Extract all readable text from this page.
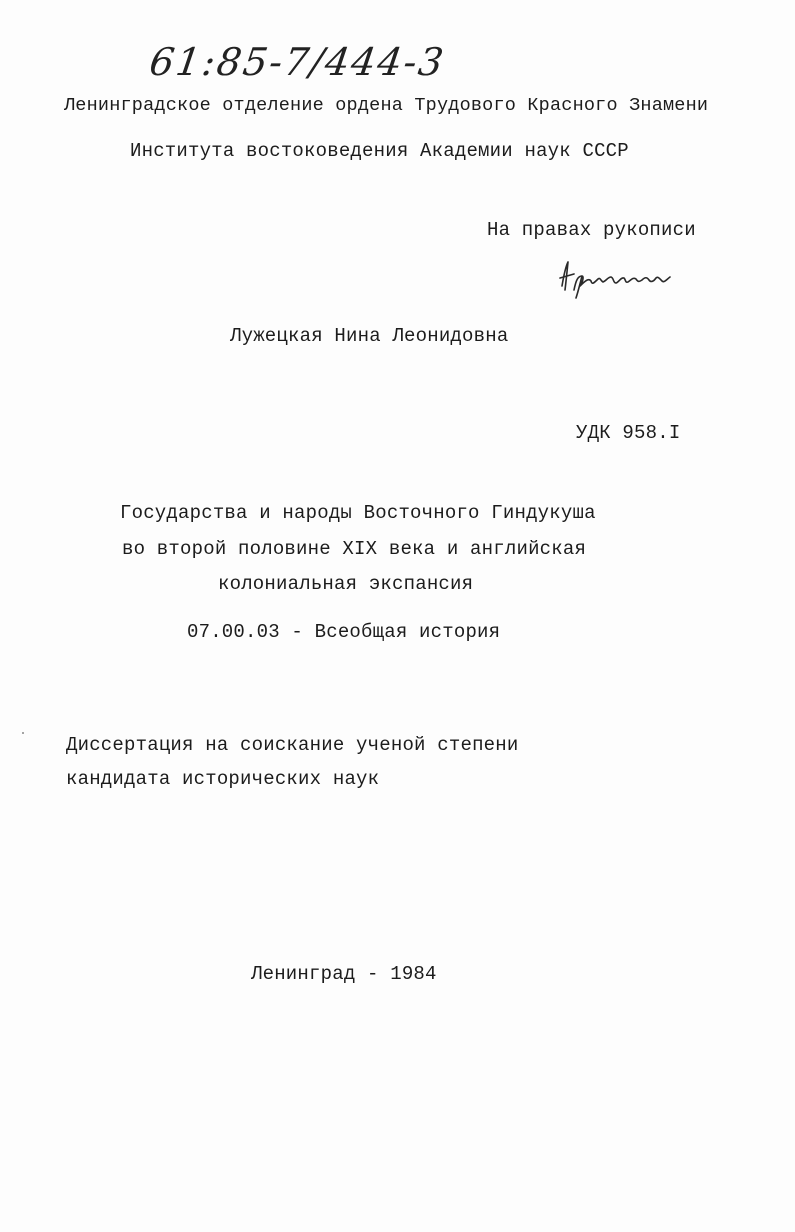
61:85-7/444-3
Ленинградское отделение ордена Трудового Красного Знамени
Института востоковедения Академии наук СССР
На правах рукописи
Лужецкая Нина Леонидовна
УДК 958.I
Государства и народы Восточного Гиндукуша
во второй половине XIX века и английская
колониальная экспансия
07.00.03 - Всеобщая история
Диссертация на соискание ученой степени
кандидата исторических наук
Ленинград - 1984
